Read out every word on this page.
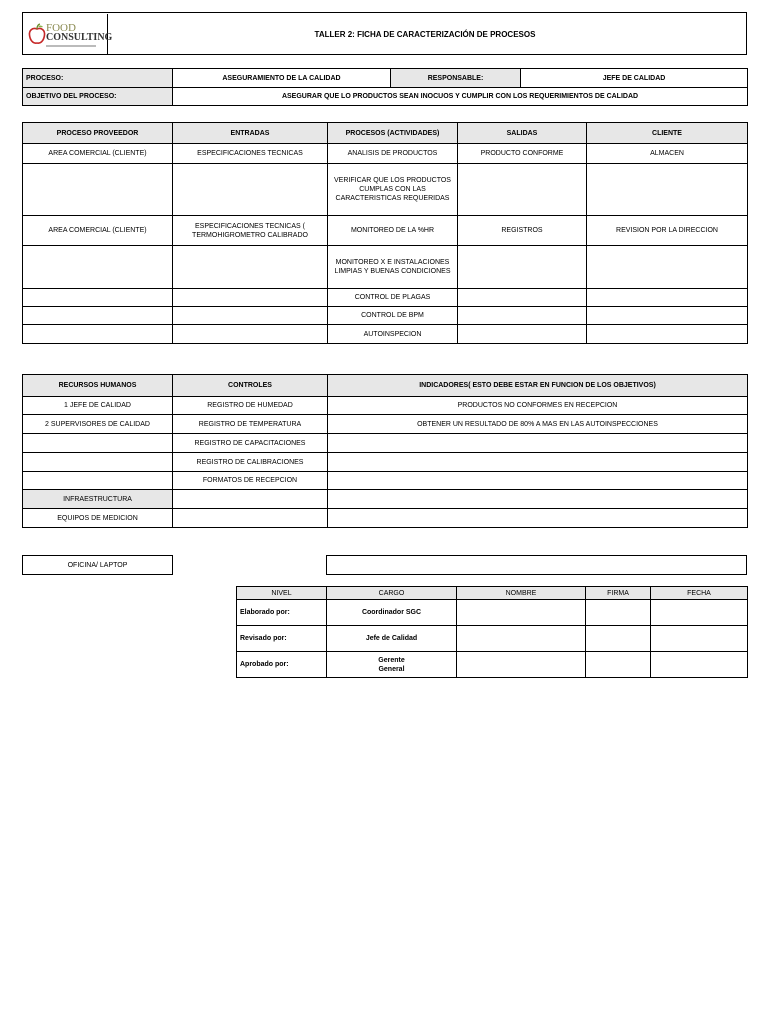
FOOD
CONSULTING	TALLER 2: FICHA DE CARACTERIZACIÓN DE PROCESOS
PROCESO:	ASEGURAMIENTO DE LA CALIDAD	RESPONSABLE:	JEFE DE CALIDAD
OBJETIVO DEL PROCESO:	ASEGURAR QUE LO PRODUCTOS SEAN INOCUOS Y CUMPLIR CON LOS REQUERIMIENTOS DE CALIDAD		
PROCESO PROVEEDOR	ENTRADAS	PROCESOS (ACTIVIDADES)	SALIDAS	CLIENTE
AREA COMERCIAL (CLIENTE)	ESPECIFICACIONES TECNICAS	ANALISIS DE PRODUCTOS	PRODUCTO CONFORME	ALMACEN
		VERIFICAR QUE LOS PRODUCTOS CUMPLAS CON LAS CARACTERISTICAS REQUERIDAS		
AREA COMERCIAL (CLIENTE)	ESPECIFICACIONES TECNICAS ( TERMOHIGROMETRO CALIBRADO	MONITOREO DE LA %HR	REGISTROS	REVISION POR LA DIRECCION
		MONITOREO X E INSTALACIONES LIMPIAS Y BUENAS CONDICIONES		
		CONTROL DE PLAGAS		
		CONTROL DE BPM		
		AUTOINSPECION		
RECURSOS HUMANOS	CONTROLES	INDICADORES( ESTO DEBE ESTAR EN FUNCION DE LOS OBJETIVOS)
1 JEFE DE CALIDAD	REGISTRO DE HUMEDAD	PRODUCTOS NO CONFORMES EN RECEPCION
2 SUPERVISORES DE CALIDAD	REGISTRO DE TEMPERATURA	OBTENER UN RESULTADO DE 80% A MAS EN LAS AUTOINSPECCIONES
	REGISTRO DE CAPACITACIONES	
	REGISTRO DE CALIBRACIONES	
	FORMATOS DE RECEPCION	
INFRAESTRUCTURA		
EQUIPOS DE MEDICION		
OFICINA/ LAPTOP
NIVEL	CARGO	NOMBRE	FIRMA	FECHA
Elaborado por:	Coordinador SGC			
Revisado por:	Jefe de Calidad			
Aprobado por:	Gerente General			
